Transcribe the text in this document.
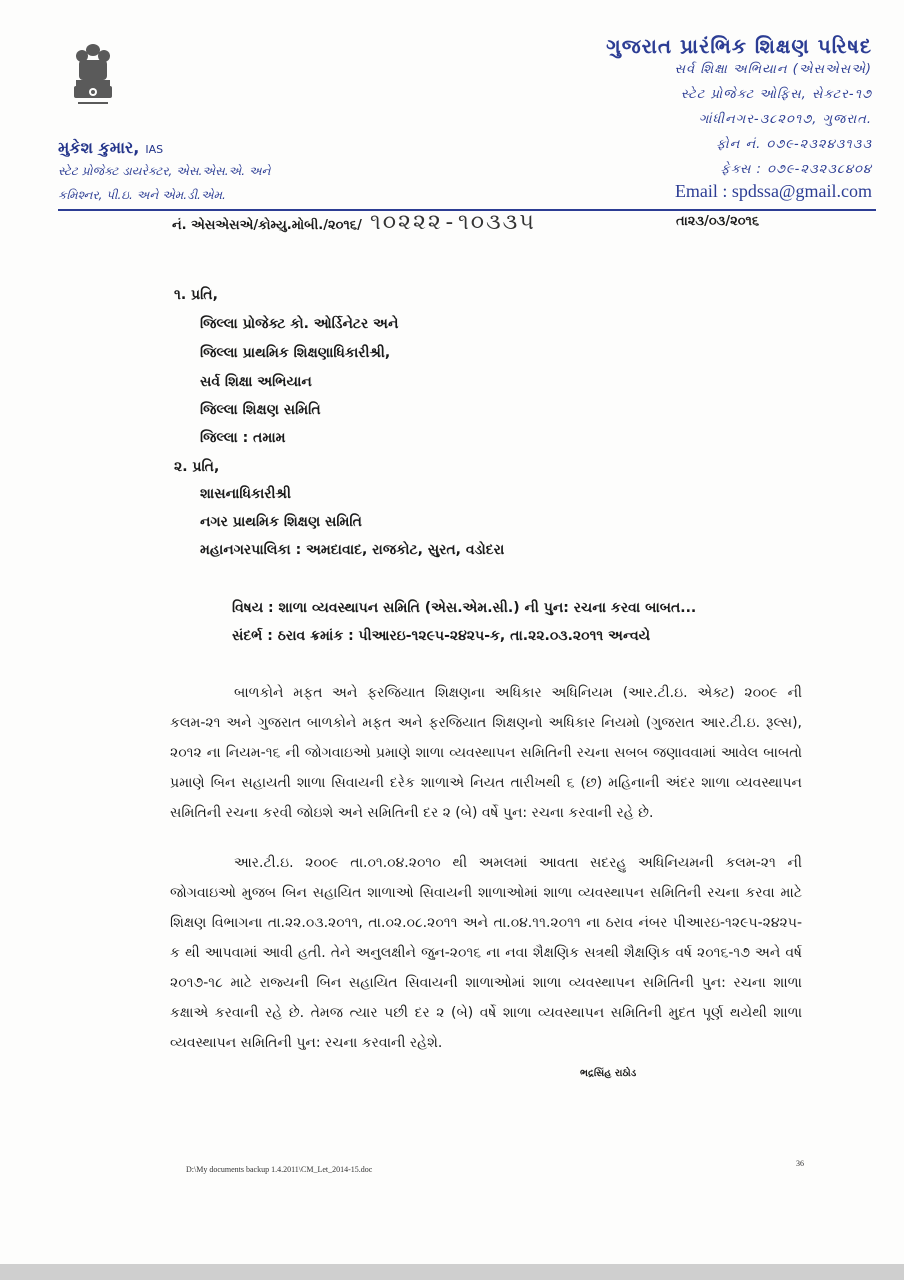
મુકેશ કુમાર, IAS
સ્ટેટ પ્રોજેક્ટ ડાયરેક્ટર, એસ.એસ.એ. અને
કમિશ્નર, પી.ઇ. અને એમ.ડી.એમ.
ગુજરાત પ્રારંભિક શિક્ષણ પરિષદ
સર્વ શિક્ષા અભિયાન (એસએસએ)
સ્ટેટ પ્રોજેક્ટ ઓફિસ, સેક્ટર-૧૭
ગાંધીનગર-૩૮૨૦૧૭, ગુજરાત.
ફોન નં. ૦૭૯-૨૩૨૪૩૧૩૩
ફેક્સ : ૦૭૯-૨૩૨૩૮૪૦૪
Email : spdssa@gmail.com
નં. એસએસએ/કોમ્યુ.મોબી./૨૦૧૬/ ૧૦૨૨૨-૧૦૩૩૫	તા૨૩/૦૩/૨૦૧૬
૧. પ્રતિ,
જિલ્લા પ્રોજેક્ટ કો. ઓર્ડિનેટર અને
જિલ્લા પ્રાથમિક શિક્ષણાધિકારીશ્રી,
સર્વ શિક્ષા અભિયાન
જિલ્લા શિક્ષણ સમિતિ
જિલ્લા : તમામ
૨. પ્રતિ,
શાસનાધિકારીશ્રી
નગર પ્રાથમિક શિક્ષણ સમિતિ
મહાનગરપાલિકા : અમદાવાદ, રાજકોટ, સુરત, વડોદરા
વિષય : શાળા વ્યવસ્થાપન સમિતિ (એસ.એમ.સી.) ની પુન: રચના કરવા બાબત...
સંદર્ભ : ઠરાવ ક્રમાંક : પીઆરઇ-૧૨૯૫-૨૪૨૫-ક, તા.૨૨.૦૩.૨૦૧૧ અન્વયે

બાળકોને મફત અને ફરજિયાત શિક્ષણના અધિકાર અધિનિયમ (આર.ટી.ઇ. એક્ટ) ૨૦૦૯ ની કલમ-૨૧ અને ગુજરાત બાળકોને મફત અને ફરજિયાત શિક્ષણનો અધિકાર નિયમો (ગુજરાત આર.ટી.ઇ. રૂલ્સ), ૨૦૧૨ ના નિયમ-૧૬ ની જોગવાઇઓ પ્રમાણે શાળા વ્યવસ્થાપન સમિતિની રચના સબબ જણાવવામાં આવેલ બાબતો પ્રમાણે બિન સહાયતી શાળા સિવાયની દરેક શાળાએ નિયત તારીખથી ૬ (છ) મહિનાની અંદર શાળા વ્યવસ્થાપન સમિતિની રચના કરવી જોઇશે અને સમિતિની દર ૨ (બે) વર્ષે પુન: રચના કરવાની રહે છે.

આર.ટી.ઇ. ૨૦૦૯ તા.૦૧.૦૪.૨૦૧૦ થી અમલમાં આવતા સદરહુ અધિનિયમની કલમ-૨૧ ની જોગવાઇઓ મુજબ બિન સહાયિત શાળાઓ સિવાયની શાળાઓમાં શાળા વ્યવસ્થાપન સમિતિની રચના કરવા માટે શિક્ષણ વિભાગના તા.૨૨.૦૩.૨૦૧૧, તા.૦૨.૦૮.૨૦૧૧ અને તા.૦૪.૧૧.૨૦૧૧ ના ઠરાવ નંબર પીઆરઇ-૧૨૯૫-૨૪૨૫-ક થી આપવામાં આવી હતી. તેને અનુલક્ષીને જુન-૨૦૧૬ ના નવા શૈક્ષણિક સત્રથી શૈક્ષણિક વર્ષ ૨૦૧૬-૧૭ અને વર્ષ ૨૦૧૭-૧૮ માટે રાજ્યની બિન સહાયિત સિવાયની શાળાઓમાં શાળા વ્યવસ્થાપન સમિતિની પુન: રચના શાળા કક્ષાએ કરવાની રહે છે. તેમજ ત્યાર પછી દર ૨ (બે) વર્ષે શાળા વ્યવસ્થાપન સમિતિની મુદત પૂર્ણ થયેથી શાળા વ્યવસ્થાપન સમિતિની પુન: રચના કરવાની રહેશે.

ભદ્રસિંહ રાઠોડ
D:\My documents backup 1.4.2011\CM_Let_2014-15.doc
36
